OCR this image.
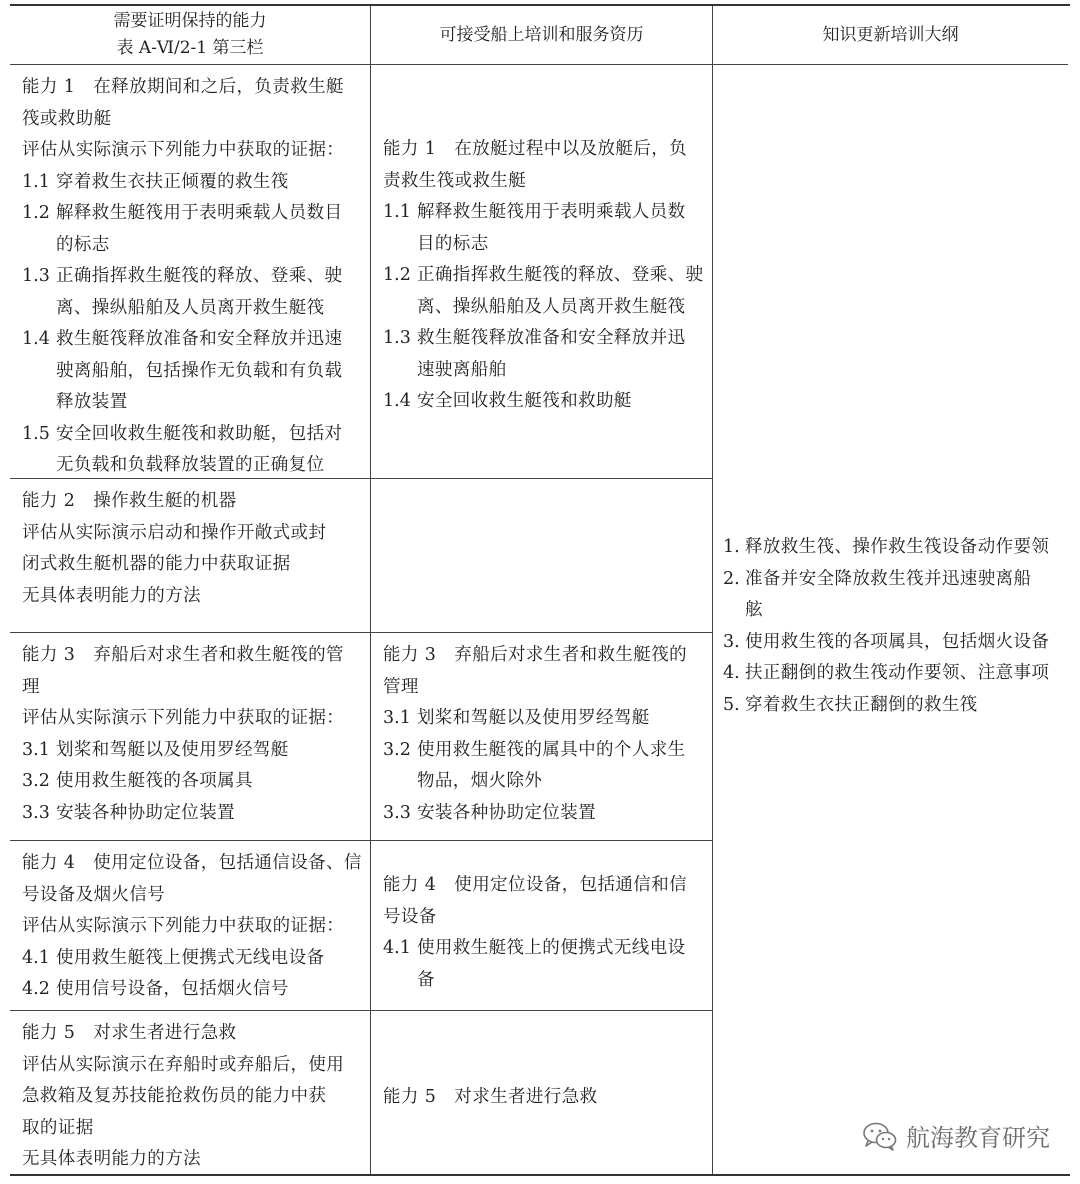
需要证明保持的能力
表 A-Ⅵ/2-1 第三栏
可接受船上培训和服务资历	知识更新培训大纲
能力 1 在释放期间和之后，负责救生艇
筏或救助艇
评估从实际演示下列能力中获取的证据：
1.1 穿着救生衣扶正倾覆的救生筏
1.2 解释救生艇筏用于表明乘载人员数目
的标志
1.3 正确指挥救生艇筏的释放、登乘、驶
离、操纵船舶及人员离开救生艇筏
1.4 救生艇筏释放准备和安全释放并迅速
驶离船舶，包括操作无负载和有负载
释放装置
1.5 安全回收救生艇筏和救助艇，包括对
无负载和负载释放装置的正确复位
能力 1 在放艇过程中以及放艇后，负
责救生筏或救生艇
1.1 解释救生艇筏用于表明乘载人员数
目的标志
1.2 正确指挥救生艇筏的释放、登乘、驶
离、操纵船舶及人员离开救生艇筏
1.3 救生艇筏释放准备和安全释放并迅
速驶离船舶
1.4 安全回收救生艇筏和救助艇
能力 2 操作救生艇的机器
评估从实际演示启动和操作开敞式或封
闭式救生艇机器的能力中获取证据
无具体表明能力的方法
能力 3 弃船后对求生者和救生艇筏的管
理
评估从实际演示下列能力中获取的证据：
3.1 划桨和驾艇以及使用罗经驾艇
3.2 使用救生艇筏的各项属具
3.3 安装各种协助定位装置
能力 3 弃船后对求生者和救生艇筏的
管理
3.1 划桨和驾艇以及使用罗经驾艇
3.2 使用救生艇筏的属具中的个人求生
物品，烟火除外
3.3 安装各种协助定位装置
能力 4 使用定位设备，包括通信设备、信
号设备及烟火信号
评估从实际演示下列能力中获取的证据：
4.1 使用救生艇筏上便携式无线电设备
4.2 使用信号设备，包括烟火信号
能力 4 使用定位设备，包括通信和信
号设备
4.1 使用救生艇筏上的便携式无线电设
备
能力 5 对求生者进行急救
评估从实际演示在弃船时或弃船后，使用
急救箱及复苏技能抢救伤员的能力中获
取的证据
无具体表明能力的方法
能力 5 对求生者进行急救
1. 释放救生筏、操作救生筏设备动作要领
2. 准备并安全降放救生筏并迅速驶离船
舷
3. 使用救生筏的各项属具，包括烟火设备
4. 扶正翻倒的救生筏动作要领、注意事项
5. 穿着救生衣扶正翻倒的救生筏
航海教育研究
